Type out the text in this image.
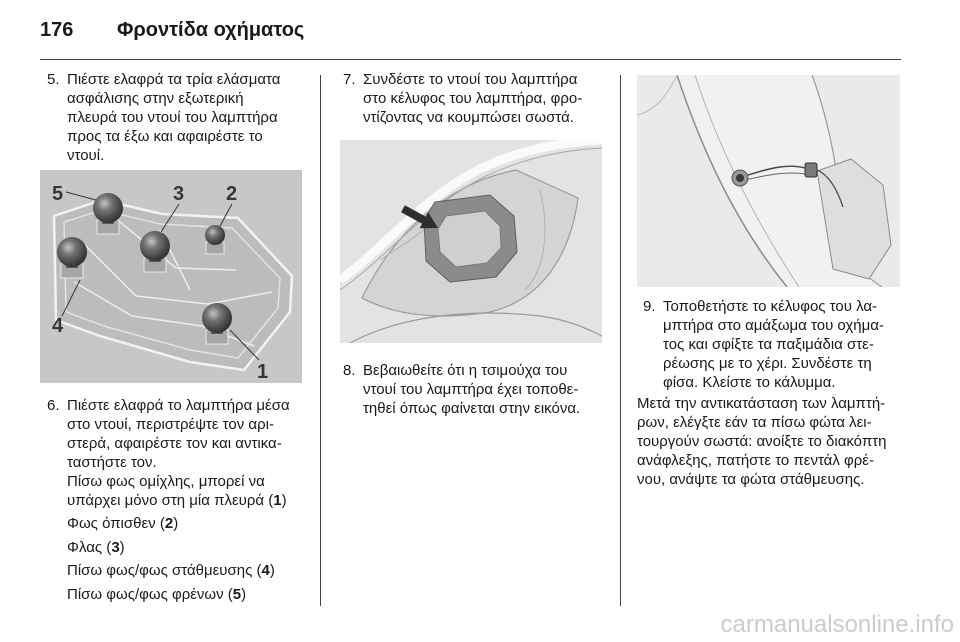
176 Φροντίδα οχήματος
5. Πιέστε ελαφρά τα τρία ελάσματα
ασφάλισης στην εξωτερική
πλευρά του ντουί του λαμπτήρα
προς τα έξω και αφαιρέστε το
ντουί.
5	3 2
4
1
6. Πιέστε ελαφρά το λαμπτήρα μέσα
στο ντουί, περιστρέψτε τον αρι-
στερά, αφαιρέστε τον και αντικα-
ταστήστε τον.
Πίσω φως ομίχλης, μπορεί να
υπάρχει μόνο στη μία πλευρά (1)
Φως όπισθεν (2)
Φλας (3)
Πίσω φως/φως στάθμευσης (4)
Πίσω φως/φως φρένων (5)
7. Συνδέστε το ντουί του λαμπτήρα
στο κέλυφος του λαμπτήρα, φρο-
ντίζοντας να κουμπώσει σωστά.
8. Βεβαιωθείτε ότι η τσιμούχα του
ντουί του λαμπτήρα έχει τοποθε-
τηθεί όπως φαίνεται στην εικόνα.
9. Τοποθετήστε το κέλυφος του λα-
μπτήρα στο αμάξωμα του οχήμα-
τος και σφίξτε τα παξιμάδια στε-
ρέωσης με το χέρι. Συνδέστε τη
φίσα. Κλείστε το κάλυμμα.
Μετά την αντικατάσταση των λαμπτή-
ρων, ελέγξτε εάν τα πίσω φώτα λει-
τουργούν σωστά: ανοίξτε το διακόπτη
ανάφλεξης, πατήστε το πεντάλ φρέ-
νου, ανάψτε τα φώτα στάθμευσης.
carmanualsonline.info
